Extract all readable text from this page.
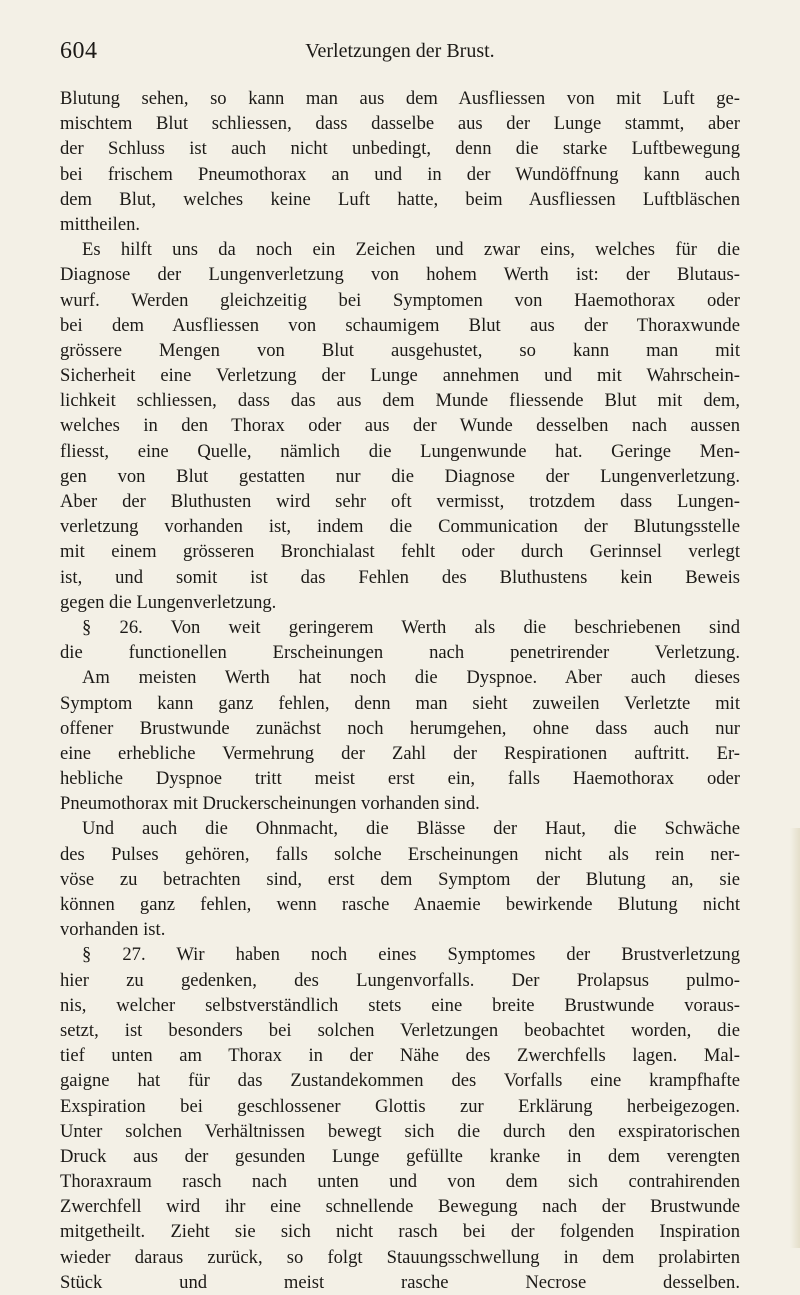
604	Verletzungen der Brust.
Blutung sehen, so kann man aus dem Ausfliessen von mit Luft ge-
mischtem Blut schliessen, dass dasselbe aus der Lunge stammt, aber
der Schluss ist auch nicht unbedingt, denn die starke Luftbewegung
bei frischem Pneumothorax an und in der Wundöffnung kann auch
dem Blut, welches keine Luft hatte, beim Ausfliessen Luftbläschen
mittheilen.
Es hilft uns da noch ein Zeichen und zwar eins, welches für die
Diagnose der Lungenverletzung von hohem Werth ist: der Blutaus-
wurf. Werden gleichzeitig bei Symptomen von Haemothorax oder
bei dem Ausfliessen von schaumigem Blut aus der Thoraxwunde
grössere Mengen von Blut ausgehustet, so kann man mit
Sicherheit eine Verletzung der Lunge annehmen und mit Wahrschein-
lichkeit schliessen, dass das aus dem Munde fliessende Blut mit dem,
welches in den Thorax oder aus der Wunde desselben nach aussen
fliesst, eine Quelle, nämlich die Lungenwunde hat. Geringe Men-
gen von Blut gestatten nur die Diagnose der Lungenverletzung.
Aber der Bluthusten wird sehr oft vermisst, trotzdem dass Lungen-
verletzung vorhanden ist, indem die Communication der Blutungsstelle
mit einem grösseren Bronchialast fehlt oder durch Gerinnsel verlegt
ist, und somit ist das Fehlen des Bluthustens kein Beweis
gegen die Lungenverletzung.
§ 26. Von weit geringerem Werth als die beschriebenen sind
die functionellen Erscheinungen nach penetrirender Verletzung.
Am meisten Werth hat noch die Dyspnoe. Aber auch dieses
Symptom kann ganz fehlen, denn man sieht zuweilen Verletzte mit
offener Brustwunde zunächst noch herumgehen, ohne dass auch nur
eine erhebliche Vermehrung der Zahl der Respirationen auftritt. Er-
hebliche Dyspnoe tritt meist erst ein, falls Haemothorax oder
Pneumothorax mit Druckerscheinungen vorhanden sind.
Und auch die Ohnmacht, die Blässe der Haut, die Schwäche
des Pulses gehören, falls solche Erscheinungen nicht als rein ner-
vöse zu betrachten sind, erst dem Symptom der Blutung an, sie
können ganz fehlen, wenn rasche Anaemie bewirkende Blutung nicht
vorhanden ist.
§ 27. Wir haben noch eines Symptomes der Brustverletzung
hier zu gedenken, des Lungenvorfalls. Der Prolapsus pulmo-
nis, welcher selbstverständlich stets eine breite Brustwunde voraus-
setzt, ist besonders bei solchen Verletzungen beobachtet worden, die
tief unten am Thorax in der Nähe des Zwerchfells lagen. Mal-
gaigne hat für das Zustandekommen des Vorfalls eine krampfhafte
Exspiration bei geschlossener Glottis zur Erklärung herbeigezogen.
Unter solchen Verhältnissen bewegt sich die durch den exspiratorischen
Druck aus der gesunden Lunge gefüllte kranke in dem verengten
Thoraxraum rasch nach unten und von dem sich contrahirenden
Zwerchfell wird ihr eine schnellende Bewegung nach der Brustwunde
mitgetheilt. Zieht sie sich nicht rasch bei der folgenden Inspiration
wieder daraus zurück, so folgt Stauungsschwellung in dem prolabirten
Stück und meist rasche Necrose desselben.
